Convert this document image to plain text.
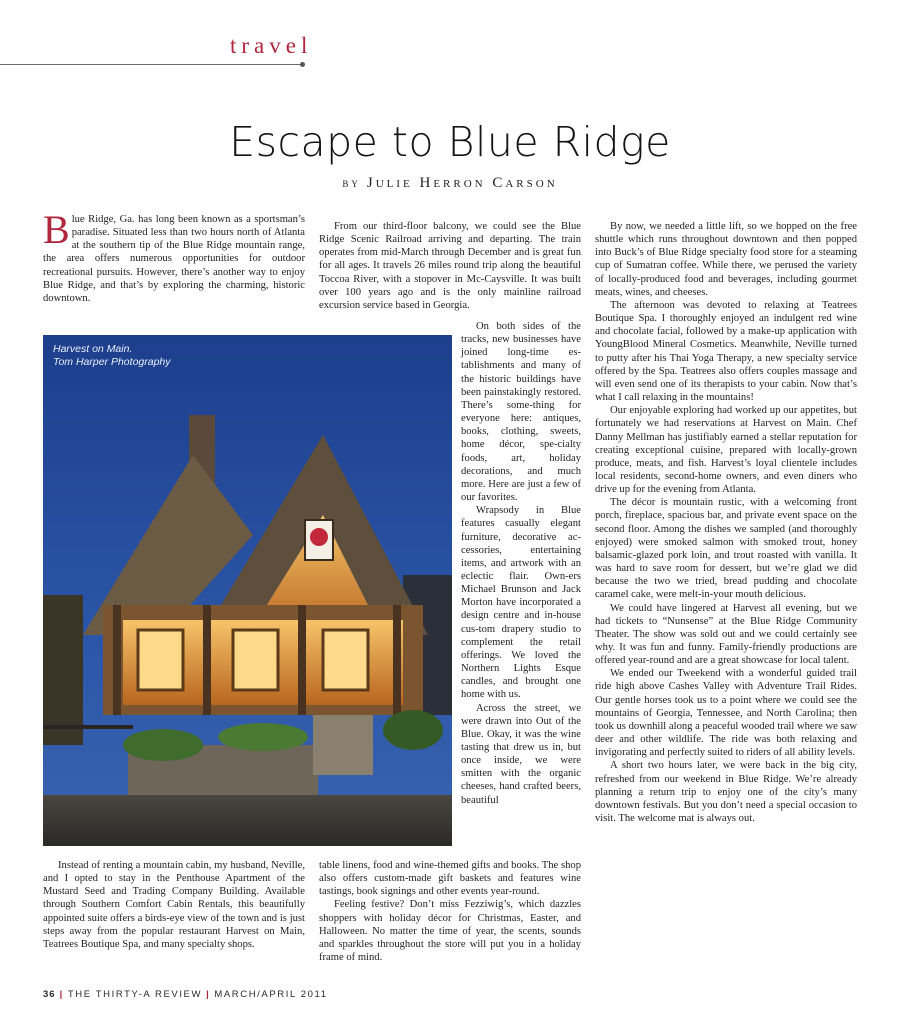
travel
Escape to Blue Ridge
by Julie Herron Carson

Blue Ridge, Ga. has long been known as a sportsman’s paradise. Situated less than two hours north of Atlanta at the southern tip of the Blue Ridge mountain range, the area offers numerous opportunities for outdoor recreational pursuits. However, there’s another way to enjoy Blue Ridge, and that’s by exploring the charming, historic downtown.

From our third-floor balcony, we could see the Blue Ridge Scenic Railroad arriving and departing. The train operates from mid-March through December and is great fun for all ages. It travels 26 miles round trip along the beautiful Toccoa River, with a stopover in Mc-Caysville. It was built over 100 years ago and is the only mainline railroad excursion service based in Georgia.

On both sides of the tracks, new businesses have joined long-time es-tablishments and many of the historic buildings have been painstakingly restored. There’s some-thing for everyone here: antiques, books, clothing, sweets, home décor, spe-cialty foods, art, holiday decorations, and much more. Here are just a few of our favorites.

Wrapsody in Blue features casually elegant furniture, decorative ac-cessories, entertaining items, and artwork with an eclectic flair. Own-ers Michael Brunson and Jack Morton have incorporated a design centre and in-house cus-tom drapery studio to complement the retail offerings. We loved the Northern Lights Esque candles, and brought one home with us.

Across the street, we were drawn into Out of the Blue. Okay, it was the wine tasting that drew us in, but once inside, we were smitten with the organic cheeses, hand crafted beers, beautiful

Instead of renting a mountain cabin, my husband, Neville, and I opted to stay in the Penthouse Apartment of the Mustard Seed and Trading Company Building. Available through Southern Comfort Cabin Rentals, this beautifully appointed suite offers a birds-eye view of the town and is just steps away from the popular restaurant Harvest on Main, Teatrees Boutique Spa, and many specialty shops.

table linens, food and wine-themed gifts and books. The shop also offers custom-made gift baskets and features wine tastings, book signings and other events year-round.

Feeling festive? Don’t miss Fezziwig’s, which dazzles shoppers with holiday décor for Christmas, Easter, and Halloween. No matter the time of year, the scents, sounds and sparkles throughout the store will put you in a holiday frame of mind.

By now, we needed a little lift, so we hopped on the free shuttle which runs throughout downtown and then popped into Buck’s of Blue Ridge specialty food store for a steaming cup of Sumatran coffee. While there, we perused the variety of locally-produced food and beverages, including gourmet meats, wines, and cheeses.

The afternoon was devoted to relaxing at Teatrees Boutique Spa. I thoroughly enjoyed an indulgent red wine and chocolate facial, followed by a make-up application with YoungBlood Mineral Cosmetics. Meanwhile, Neville turned to putty after his Thai Yoga Therapy, a new specialty service offered by the Spa. Teatrees also offers couples massage and will even send one of its therapists to your cabin. Now that’s what I call relaxing in the mountains!

Our enjoyable exploring had worked up our appetites, but fortunately we had reservations at Harvest on Main. Chef Danny Mellman has justifiably earned a stellar reputation for creating exceptional cuisine, prepared with locally-grown produce, meats, and fish. Harvest’s loyal clientele includes local residents, second-home owners, and even diners who drive up for the evening from Atlanta.

The décor is mountain rustic, with a welcoming front porch, fireplace, spacious bar, and private event space on the second floor. Among the dishes we sampled (and thoroughly enjoyed) were smoked salmon with smoked trout, honey balsamic-glazed pork loin, and trout roasted with vanilla. It was hard to save room for dessert, but we’re glad we did because the two we tried, bread pudding and chocolate caramel cake, were melt-in-your mouth delicious.

We could have lingered at Harvest all evening, but we had tickets to “Nunsense” at the Blue Ridge Community Theater. The show was sold out and we could certainly see why. It was fun and funny. Family-friendly productions are offered year-round and are a great showcase for local talent.

We ended our Tweekend with a wonderful guided trail ride high above Cashes Valley with Adventure Trail Rides. Our gentle horses took us to a point where we could see the mountains of Georgia, Tennessee, and North Carolina; then took us downhill along a peaceful wooded trail where we saw deer and other wildlife. The ride was both relaxing and invigorating and perfectly suited to riders of all ability levels.

A short two hours later, we were back in the big city, refreshed from our weekend in Blue Ridge. We’re already planning a return trip to enjoy one of the city’s many downtown festivals. But you don’t need a special occasion to visit. The welcome mat is always out.

Harvest on Main.
Tom Harper Photography
36 | THE THIRTY-A REVIEW | MARCH/APRIL 2011
